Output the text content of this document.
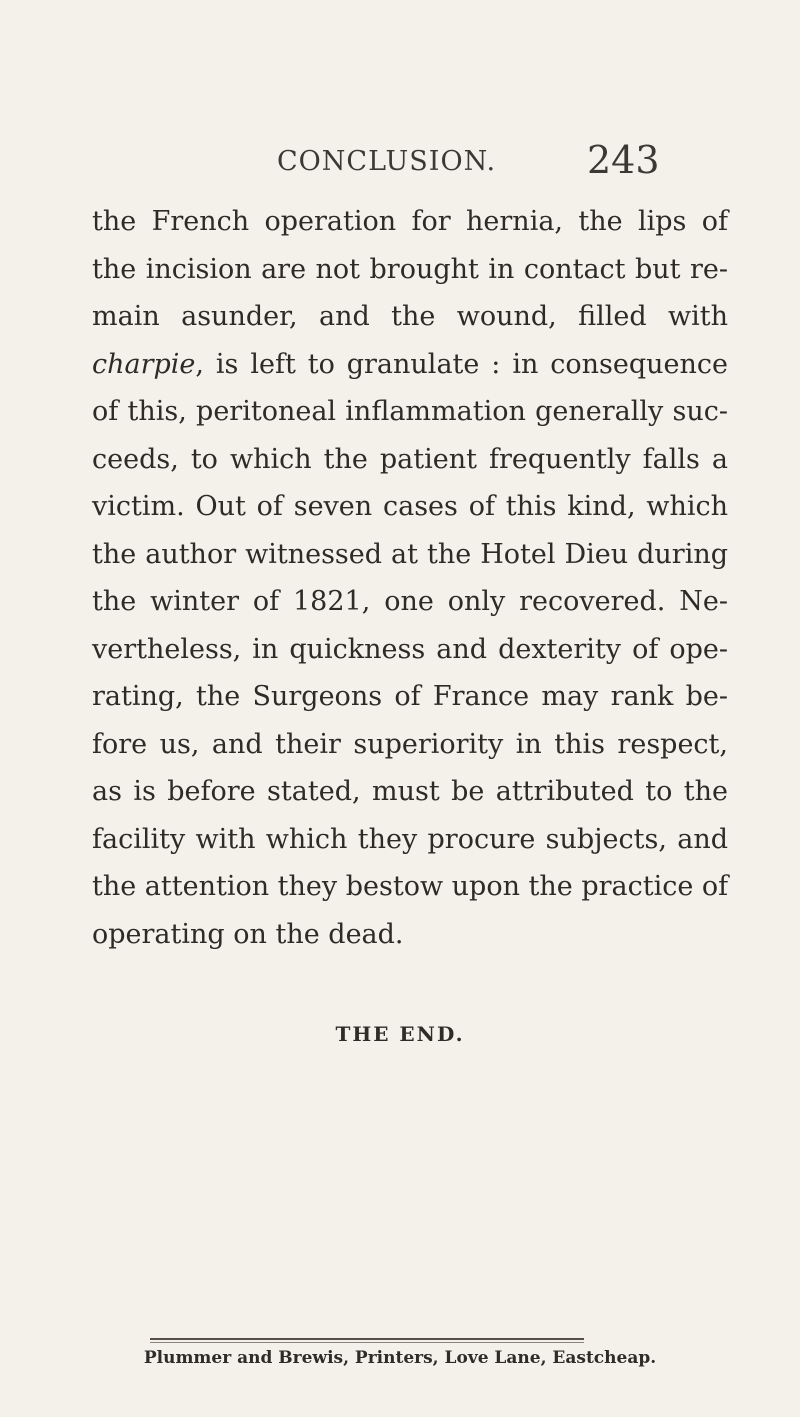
CONCLUSION. 243
the French operation for hernia, the lips of
the incision are not brought in contact but re-
main asunder, and the wound, filled with
charpie, is left to granulate : in consequence
of this, peritoneal inflammation generally suc-
ceeds, to which the patient frequently falls a
victim. Out of seven cases of this kind, which
the author witnessed at the Hotel Dieu during
the winter of 1821, one only recovered. Ne-
vertheless, in quickness and dexterity of ope-
rating, the Surgeons of France may rank be-
fore us, and their superiority in this respect,
as is before stated, must be attributed to the
facility with which they procure subjects, and
the attention they bestow upon the practice of
operating on the dead.
THE END.
Plummer and Brewis, Printers, Love Lane, Eastcheap.
